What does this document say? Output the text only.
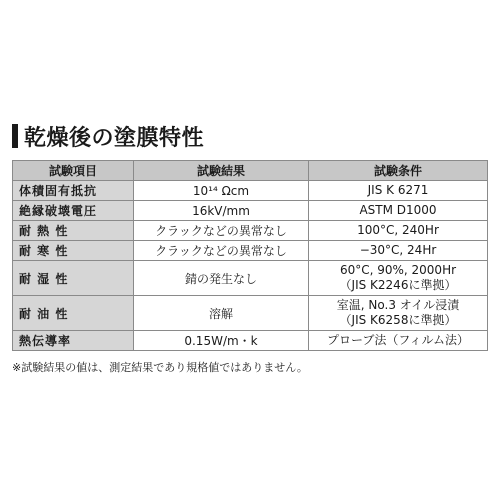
乾燥後の塗膜特性
試験項目	試験結果	試験条件
体積固有抵抗	10¹⁴ Ωcm	JIS K 6271

絶縁破壊電圧	16kV/mm	ASTM D1000

耐 熱 性	クラックなどの異常なし	100°C, 240Hr

耐 寒 性	クラックなどの異常なし	−30°C, 24Hr

耐 湿 性	錆の発生なし	60°C, 90%, 2000Hr
（JIS K2246に準拠）

耐 油 性	溶解	室温, No.3 オイル浸漬
（JIS K6258に準拠）

熱伝導率	0.15W/m・k	プローブ法（フィルム法）
※試験結果の値は、測定結果であり規格値ではありません。
